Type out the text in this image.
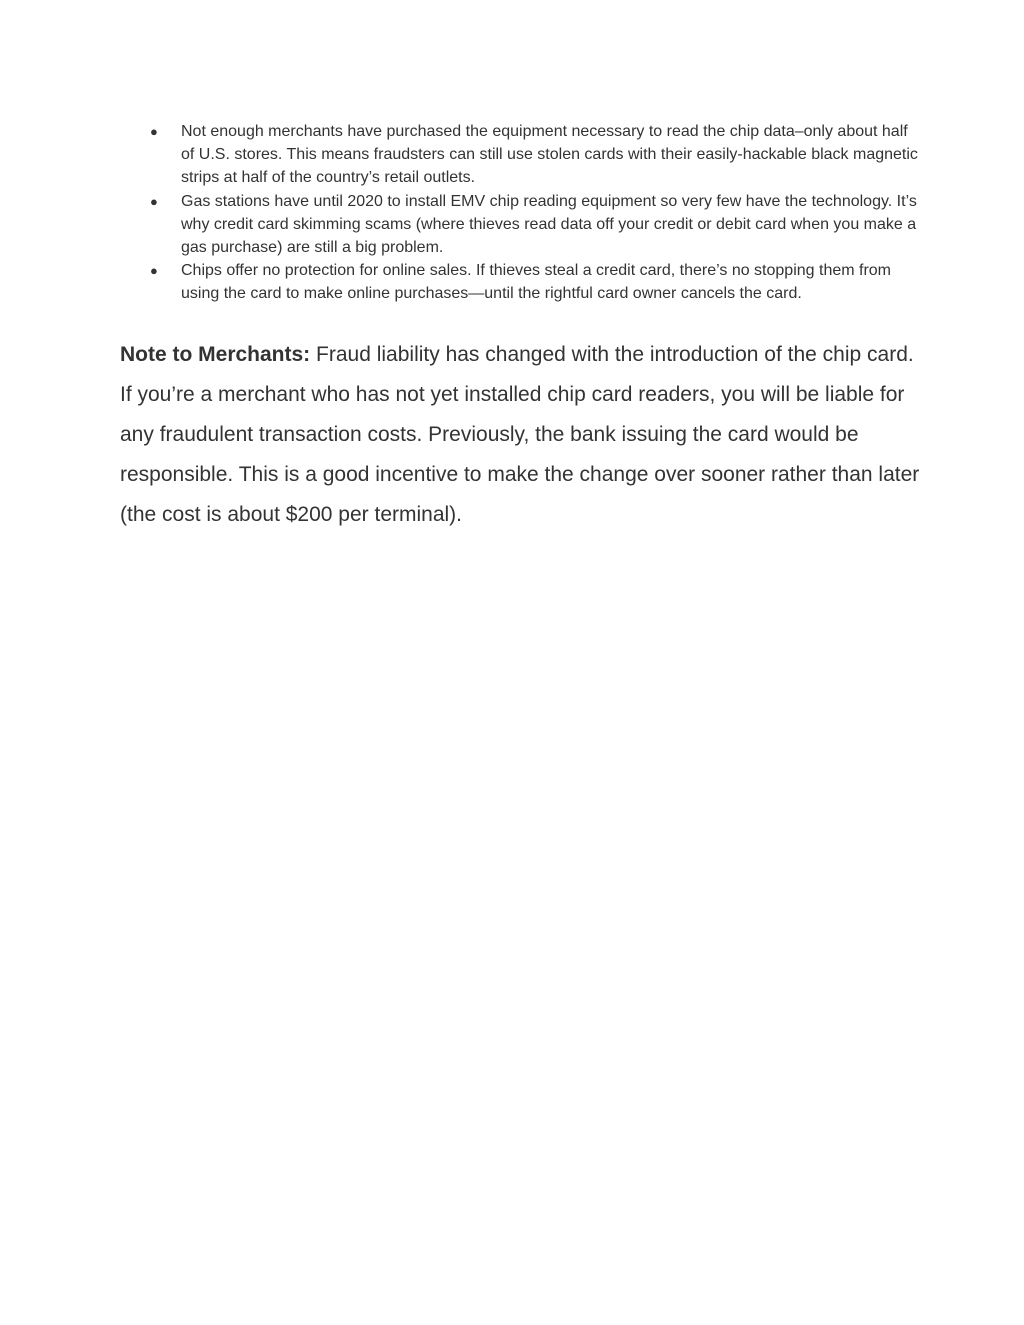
● Not enough merchants have purchased the equipment necessary to read the chip data–only about half of U.S. stores. This means fraudsters can still use stolen cards with their easily-hackable black magnetic strips at half of the country’s retail outlets.
● Gas stations have until 2020 to install EMV chip reading equipment so very few have the technology. It’s why credit card skimming scams (where thieves read data off your credit or debit card when you make a gas purchase) are still a big problem.
● Chips offer no protection for online sales. If thieves steal a credit card, there’s no stopping them from using the card to make online purchases—until the rightful card owner cancels the card.

Note to Merchants: Fraud liability has changed with the introduction of the chip card. If you’re a merchant who has not yet installed chip card readers, you will be liable for any fraudulent transaction costs. Previously, the bank issuing the card would be responsible. This is a good incentive to make the change over sooner rather than later (the cost is about $200 per terminal).
